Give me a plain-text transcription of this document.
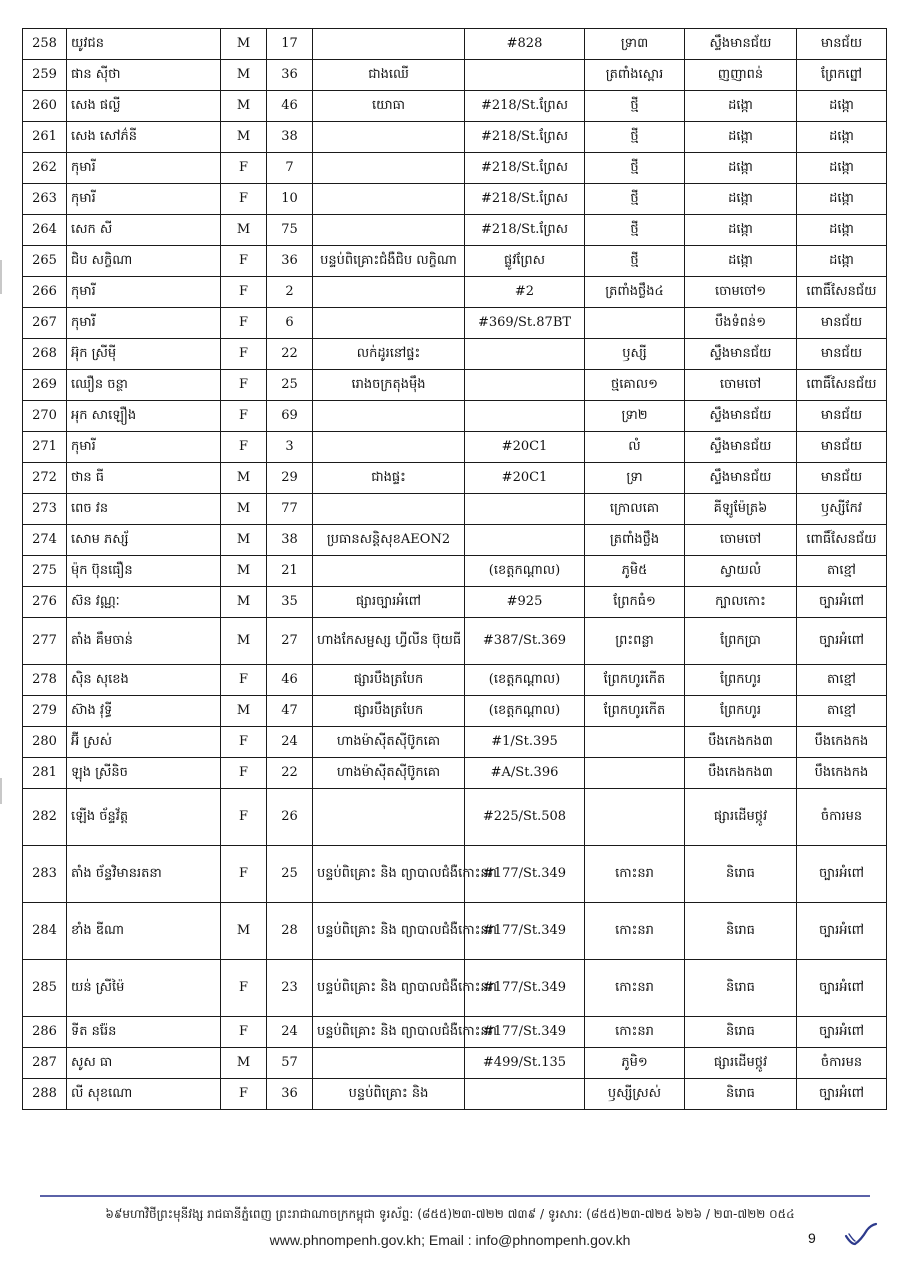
258	យូវជន	M	17		#828	ទ្រា៣	ស្ទឹងមានជ័យ	មានជ័យ
259	ផាន ស៊ីថា	M	36	ជាងឈើ		ត្រពាំងស្ពោរ	ញញាពន់	ព្រែកព្នៅ
260	សេង ផល្លី	M	46	យោធា	#218/St.ព្រែស	ថ្មី	ដង្កោ	ដង្កោ
261	សេង សៅភ៌នី	M	38		#218/St.ព្រែស	ថ្មី	ដង្កោ	ដង្កោ
262	កុមារី	F	7		#218/St.ព្រែស	ថ្មី	ដង្កោ	ដង្កោ
263	កុមារី	F	10		#218/St.ព្រែស	ថ្មី	ដង្កោ	ដង្កោ
264	សេក សី	M	75		#218/St.ព្រែស	ថ្មី	ដង្កោ	ដង្កោ
265	ជិប សក្ខិណា	F	36	បន្ទប់ពិគ្រោះជំងឺជិប លក្ខិណា	ផ្លូវព្រែស	ថ្មី	ដង្កោ	ដង្កោ
266	កុមារី	F	2		#2	ត្រពាំងថ្លឹង៤	ចោមចៅ១	ពោធិ៍សែនជ័យ
267	កុមារី	F	6		#369/St.87BT		បឹងទំពន់១	មានជ័យ
268	អ៊ុក ស្រីមុី	F	22	លក់ដូរនៅផ្ទះ		ឫស្សី	ស្ទឹងមានជ័យ	មានជ័យ
269	ឈឿន ចន្ថា	F	25	រោងចក្រតុងមុឹង		ថ្មគោល១	ចោមចៅ	ពោធិ៍សែនជ័យ
270	អុក សាឡឿង	F	69			ទ្រា២	ស្ទឹងមានជ័យ	មានជ័យ
271	កុមារី	F	3		#20C1	លំ	ស្ទឹងមានជ័យ	មានជ័យ
272	ថាន ធី	M	29	ជាងផ្ទះ	#20C1	ទ្រា	ស្ទឹងមានជ័យ	មានជ័យ
273	ពេច វន	M	77			ក្រោលគោ	គីឡូម៉ែត្រ៦	ឫស្សីកែវ
274	សោម ភស្ស័	M	38	ប្រធានសន្តិសុខAEON2		ត្រពាំងថ្លឹង	ចោមចៅ	ពោធិ៍សែនជ័យ
275	ម៉ុក ប៊ុនធឿន	M	21		(ខេត្តកណ្ដាល)	ភូមិ៥	ស្វាយលំ	តាខ្មៅ
276	ស៊ន វណ្ណៈ	M	35	ផ្សារច្បារអំពៅ	#925	ព្រែកធំ១	ក្បាលកោះ	ច្បារអំពៅ
277	តាំង គឹមចាន់	M	27	ហាងកែសម្ផស្ស ហ្វីលីន ប៊ុយធី	#387/St.369	ព្រះពន្លា	ព្រែកប្រា	ច្បារអំពៅ
278	ស៊ិន សុខេង	F	46	ផ្សារបឹងត្របែក	(ខេត្តកណ្ដាល)	ព្រែកហូរកើត	ព្រែកហូរ	តាខ្មៅ
279	ស៊ាង វុទ្ធី	M	47	ផ្សារបឹងត្របែក	(ខេត្តកណ្ដាល)	ព្រែកហូរកើត	ព្រែកហូរ	តាខ្មៅ
280	អ៊ី ស្រស់	F	24	ហាងម៉ាស៊ីតស៊ីប៊ូកគោ	#1/St.395		បឹងកេងកង៣	បឹងកេងកង
281	ឡុង ស្រីនិច	F	22	ហាងម៉ាស៊ីតស៊ីប៊ូកគោ	#A/St.396		បឹងកេងកង៣	បឹងកេងកង
282	ឡើង ច័ន្ទវ័ត្ត	F	26		#225/St.508		ផ្សារដើមថ្កូវ	ចំការមន
283	តាំង ច័ន្ទវិមានរតនា	F	25	បន្ទប់ពិគ្រោះ និង ព្យាបាលជំងឺកោះនរា	#177/St.349	កោះនរា	និរោធ	ច្បារអំពៅ
284	ខាំង ឌីណា	M	28	បន្ទប់ពិគ្រោះ និង ព្យាបាលជំងឺកោះនរា	#177/St.349	កោះនរា	និរោធ	ច្បារអំពៅ
285	យន់ ស្រីម៉ៃ	F	23	បន្ទប់ពិគ្រោះ និង ព្យាបាលជំងឺកោះនរា	#177/St.349	កោះនរា	និរោធ	ច្បារអំពៅ
286	ទីត នរ៉ែន	F	24	បន្ទប់ពិគ្រោះ និង ព្យាបាលជំងឺកោះនរា	#177/St.349	កោះនរា	និរោធ	ច្បារអំពៅ
287	សូស ធា	M	57		#499/St.135	ភូមិ១	ផ្សារដើមថ្កូវ	ចំការមន
288	លី សុខណោ	F	36	បន្ទប់ពិគ្រោះ និង		ឫស្សីស្រស់	និរោធ	ច្បារអំពៅ
៦៩មហាវិថីព្រះមុនីវង្ស រាជធានីភ្នំពេញ ព្រះរាជាណាចក្រកម្ពុជា ទូរស័ព្ទ: (៨៥៥)២៣-៧២២ ៧៣៩ / ទូរសារ: (៨៥៥)២៣-៧២៥ ៦២៦ / ២៣-៧២២ ០៥៤
www.phnompenh.gov.kh; Email : info@phnompenh.gov.kh	9
